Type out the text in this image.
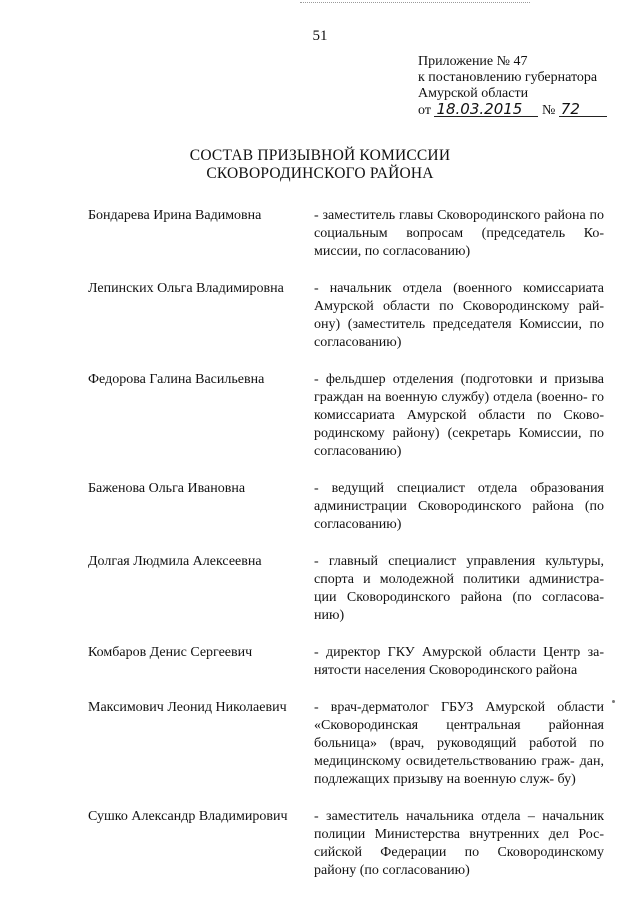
51
Приложение № 47
к постановлению губернатора
Амурской области
от 18.03.2015 № 72
СОСТАВ ПРИЗЫВНОЙ КОМИССИИ
СКОВОРОДИНСКОГО РАЙОНА
Бондарева Ирина Вадимовна	- заместитель главы Сковородинского района по социальным вопросам (председатель Ко- миссии, по согласованию)
Лепинских Ольга Владимировна	- начальник отдела (военного комиссариата Амурской области по Сковородинскому рай- ону) (заместитель председателя Комиссии, по согласованию)
Федорова Галина Васильевна	- фельдшер отделения (подготовки и призыва граждан на военную службу) отдела (военно- го комиссариата Амурской области по Сково- родинскому району) (секретарь Комиссии, по согласованию)
Баженова Ольга Ивановна	- ведущий специалист отдела образования администрации Сковородинского района (по согласованию)
Долгая Людмила Алексеевна	- главный специалист управления культуры, спорта и молодежной политики администра- ции Сковородинского района (по согласова- нию)
Комбаров Денис Сергеевич	- директор ГКУ Амурской области Центр за- нятости населения Сковородинского района
Максимович Леонид Николаевич	- врач-дерматолог ГБУЗ Амурской области «Сковородинская центральная районная больница» (врач, руководящий работой по медицинскому освидетельствованию граж- дан, подлежащих призыву на военную служ- бу)
Сушко Александр Владимирович	- заместитель начальника отдела – начальник полиции Министерства внутренних дел Рос- сийской Федерации по Сковородинскому району (по согласованию)
